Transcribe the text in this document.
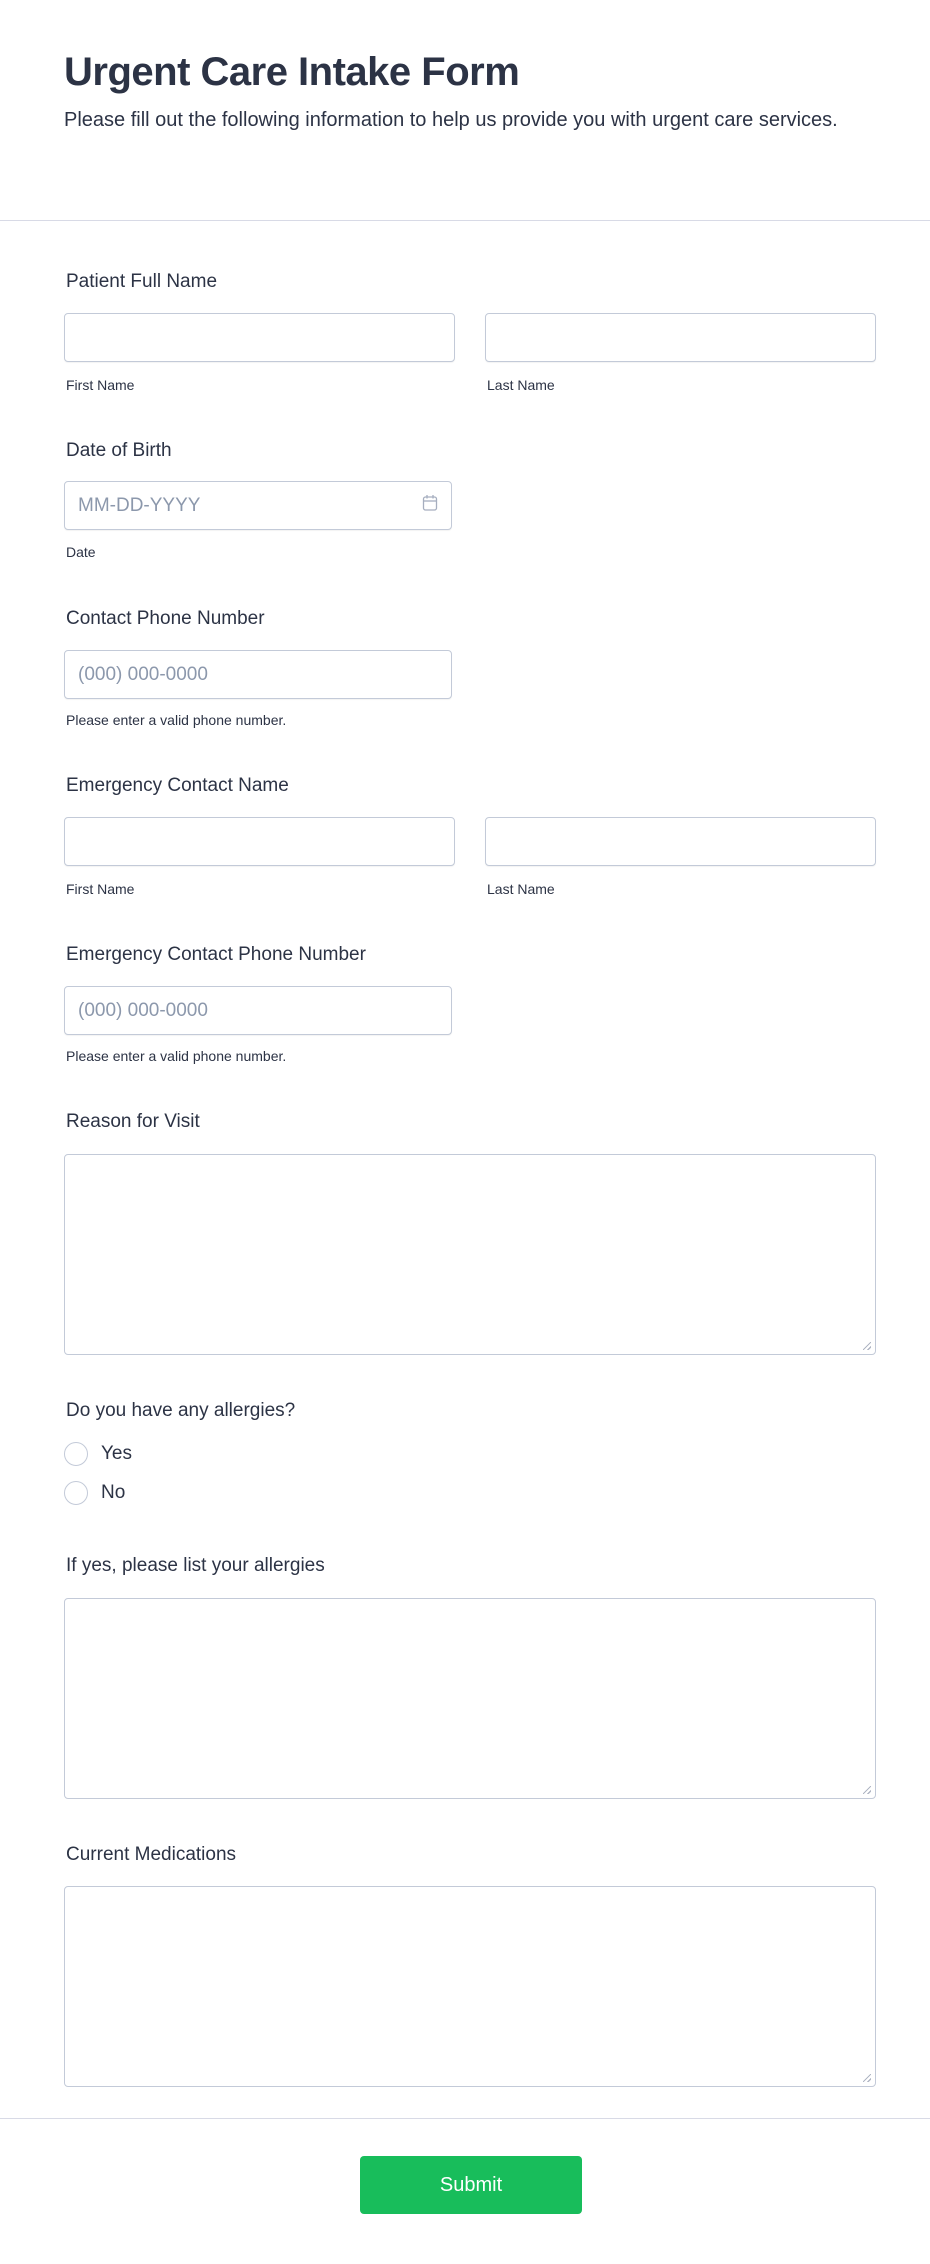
Urgent Care Intake Form
Please fill out the following information to help us provide you with urgent care services.
Patient Full Name
First Name	Last Name
Date of Birth
MM-DD-YYYY
Date
Contact Phone Number
(000) 000-0000
Please enter a valid phone number.
Emergency Contact Name
First Name	Last Name
Emergency Contact Phone Number
(000) 000-0000
Please enter a valid phone number.
Reason for Visit
Do you have any allergies?
Yes
No
If yes, please list your allergies
Current Medications
Submit
